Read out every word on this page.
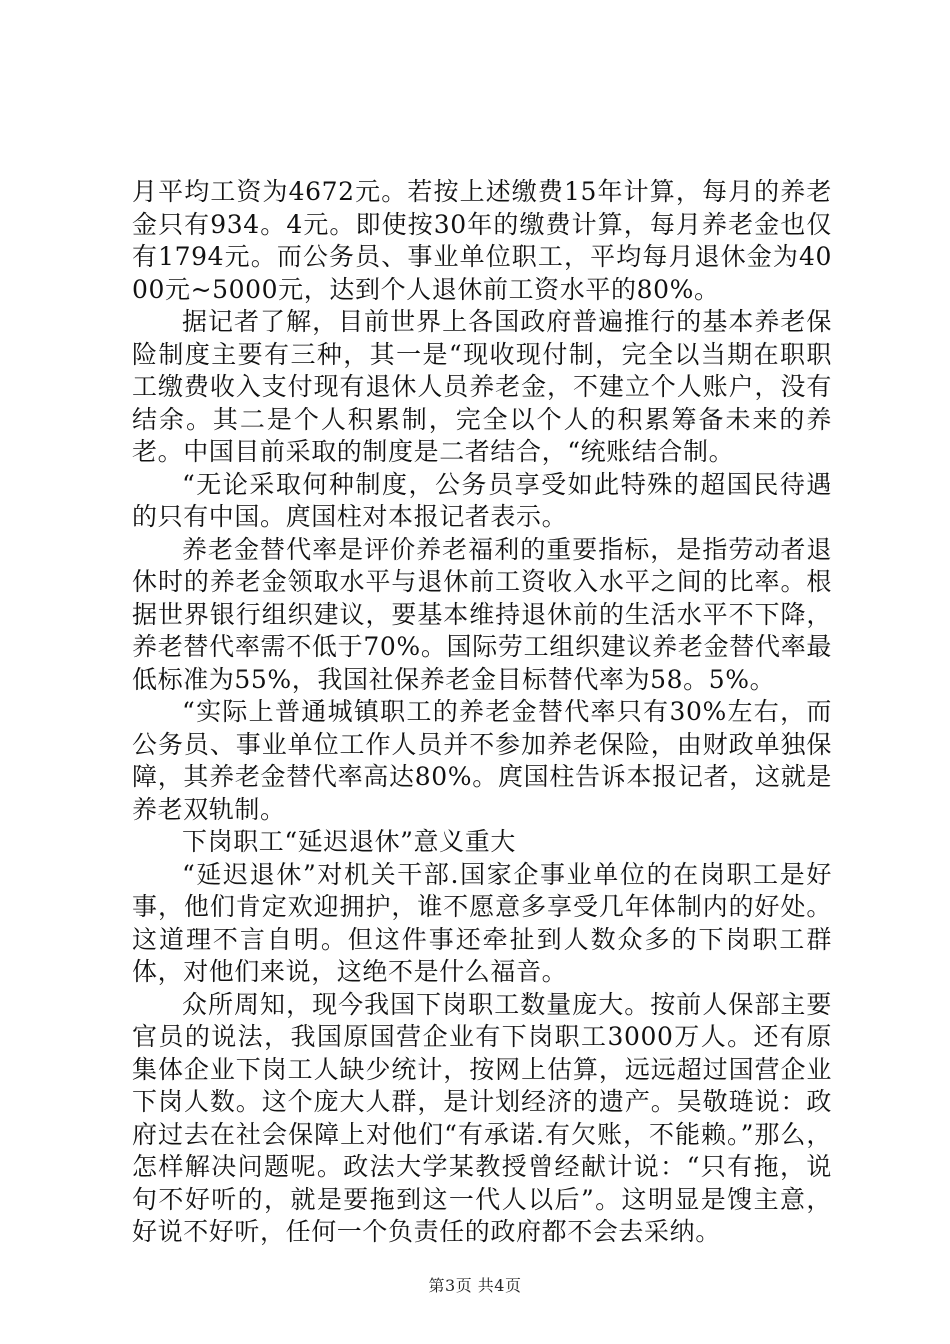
月平均工资为4672元。若按上述缴费15年计算，每月的养老金只有934。4元。即使按30年的缴费计算，每月养老金也仅有1794元。而公务员、事业单位职工，平均每月退休金为4000元~5000元，达到个人退休前工资水平的80%。

据记者了解，目前世界上各国政府普遍推行的基本养老保险制度主要有三种，其一是“现收现付制，完全以当期在职职工缴费收入支付现有退休人员养老金，不建立个人账户，没有结余。其二是个人积累制，完全以个人的积累筹备未来的养老。中国目前采取的制度是二者结合，“统账结合制。

“无论采取何种制度，公务员享受如此特殊的超国民待遇的只有中国。庹国柱对本报记者表示。

养老金替代率是评价养老福利的重要指标，是指劳动者退休时的养老金领取水平与退休前工资收入水平之间的比率。根据世界银行组织建议，要基本维持退休前的生活水平不下降，养老替代率需不低于70%。国际劳工组织建议养老金替代率最低标准为55%，我国社保养老金目标替代率为58。5%。

“实际上普通城镇职工的养老金替代率只有30%左右，而公务员、事业单位工作人员并不参加养老保险，由财政单独保障，其养老金替代率高达80%。庹国柱告诉本报记者，这就是养老双轨制。

下岗职工“延迟退休”意义重大

“延迟退休”对机关干部.国家企事业单位的在岗职工是好事，他们肯定欢迎拥护，谁不愿意多享受几年体制内的好处。这道理不言自明。但这件事还牵扯到人数众多的下岗职工群体，对他们来说，这绝不是什么福音。

众所周知，现今我国下岗职工数量庞大。按前人保部主要官员的说法，我国原国营企业有下岗职工3000万人。还有原集体企业下岗工人缺少统计，按网上估算，远远超过国营企业下岗人数。这个庞大人群，是计划经济的遗产。吴敬琏说：政府过去在社会保障上对他们“有承诺.有欠账，不能赖。”那么，怎样解决问题呢。政法大学某教授曾经献计说：“只有拖，说句不好听的，就是要拖到这一代人以后”。这明显是馊主意，好说不好听，任何一个负责任的政府都不会去采纳。

第3页 共4页
